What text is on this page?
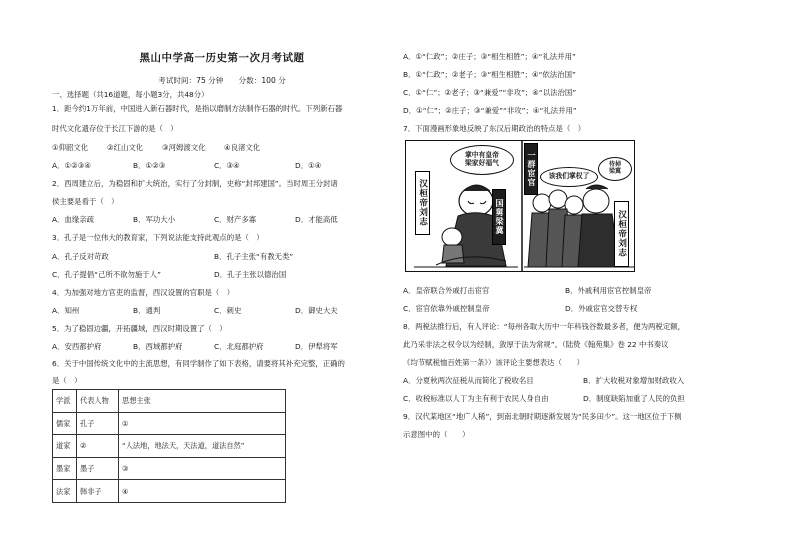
黑山中学高一历史第一次月考试题
考试时间：75 分钟　　分数：100 分
一、选择题（共16道题，每小题3分，共48分）
1．距今约1万年前，中国进入新石器时代，是指以磨制方法制作石器的时代。下列新石器
时代文化遗存位于长江下游的是（　）
①仰韶文化	②红山文化	③河姆渡文化	④良渚文化
A．①②③④	B．①②③	C．③④	D．①④
2．西周建立后，为稳固和扩大统治，实行了分封制，史称“封邦建国”。当时周王分封诸
侯主要是看于（　）
A．血缘亲疏	B．军功大小	C．财产多寡	D．才能高低
3．孔子是一位伟大的教育家，下列说法能支持此观点的是（　）
A．孔子反对苛政	B．孔子主张“有教无类”
C．孔子提倡“己所不欲勿施于人”	D．孔子主张以德治国
4．为加强对地方官吏的监督，西汉设置的官职是（　）
A．知州	B．通判	C．刺史	D．御史大夫
5．为了稳固边疆，开拓疆域，西汉时期设置了（　）
A．安西都护府	B．西域都护府	C．北庭都护府	D．伊犁将军
6．关于中国传统文化中的主流思想，有同学制作了如下表格，请要将其补充完整，正确的
是（　）
学派	代表人物	思想主张
儒家	孔子	①
道家	②	“人法地，地法天，天法道，道法自然”
墨家	墨子	③
法家	韩非子	④
A．①“仁政”；②庄子；③“相生相胜”；④“礼法并用”
B．①“仁政”；②老子；③“相生相胜”；④“依法治国”
C．①“仁”；②老子；③“兼爱”“非攻”；④“以法治国”
D．①“仁”；②庄子；③“兼爱”“非攻”；④“礼法并用”
7．下面漫画形象地反映了东汉后期政治的特点是（　）
掌中有皇帝
梁家好福气
汉桓帝刘志	国舅梁冀
一群宦官	该我们掌权了
待掉
梁冀
汉桓帝刘志
A．皇帝联合外戚打击宦官	B．外戚利用宦官控制皇帝
C．宦官依靠外戚控制皇帝	D．外戚宦官交替专权
8．两税法推行后，有人评论：“每州各取大历中一年科钱谷数最多者，便为两税定额，
此乃采非法之权令以为经制，敛厚于法为常规”。（陆贽《翰苑集》卷 22 中书奏议
《均节赋税恤百姓第一条》）该评论主要想表达（　　）
A．分夏秋两次征税从而简化了税收名目	B．扩大收税对象增加财政收入
C．收税标准以人丁为主有利于农民人身自由	D．制度缺陷加重了人民的负担
9．汉代某地区“地广人稀”，到南北朝时期逐渐发展为“民多田少”。这一地区位于下侧
示意图中的（　　）
